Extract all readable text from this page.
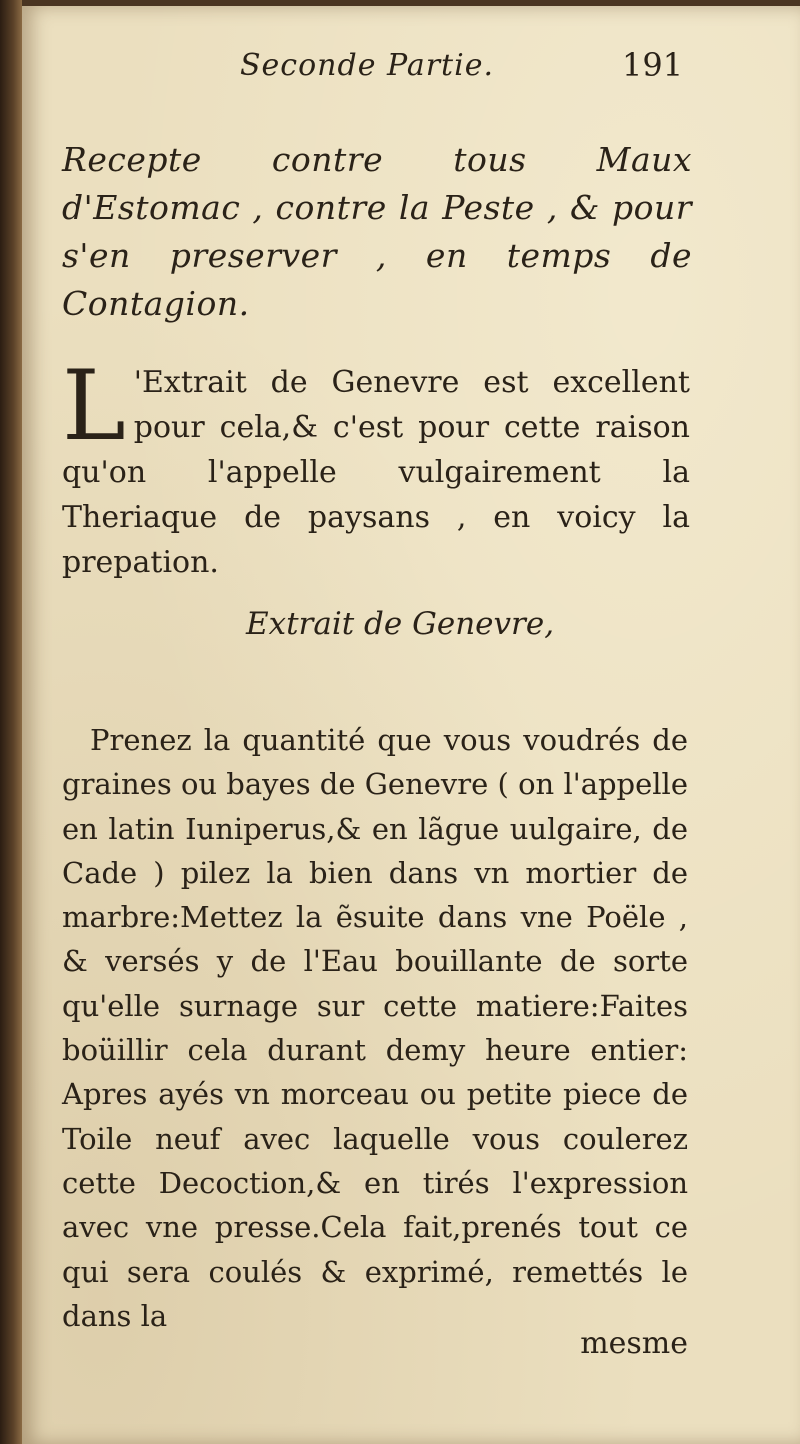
Seconde Partie.	191
Recepte contre tous Maux d'Estomac , contre la Peste , & pour s'en preserver , en temps de Contagion.
L 'Extrait de Genevre est excellent pour cela,& c'est pour cette raison qu'on l'appelle vulgairement la Theriaque de paysans , en voicy la prepation.
Extrait de Genevre,
Prenez la quantité que vous voudrés de graines ou bayes de Genevre ( on l'appelle en latin Iuniperus,& en lãgue uulgaire, de Cade ) pilez la bien dans vn mortier de marbre:Mettez la ẽsuite dans vne Poële , & versés y de l'Eau bouillante de sorte qu'elle surnage sur cette matiere:Faites boüillir cela durant demy heure entier: Apres ayés vn morceau ou petite piece de Toile neuf avec laquelle vous coulerez cette Decoction,& en tirés l'expression avec vne presse.Cela fait,prenés tout ce qui sera coulés & exprimé, remettés le dans la
mesme
